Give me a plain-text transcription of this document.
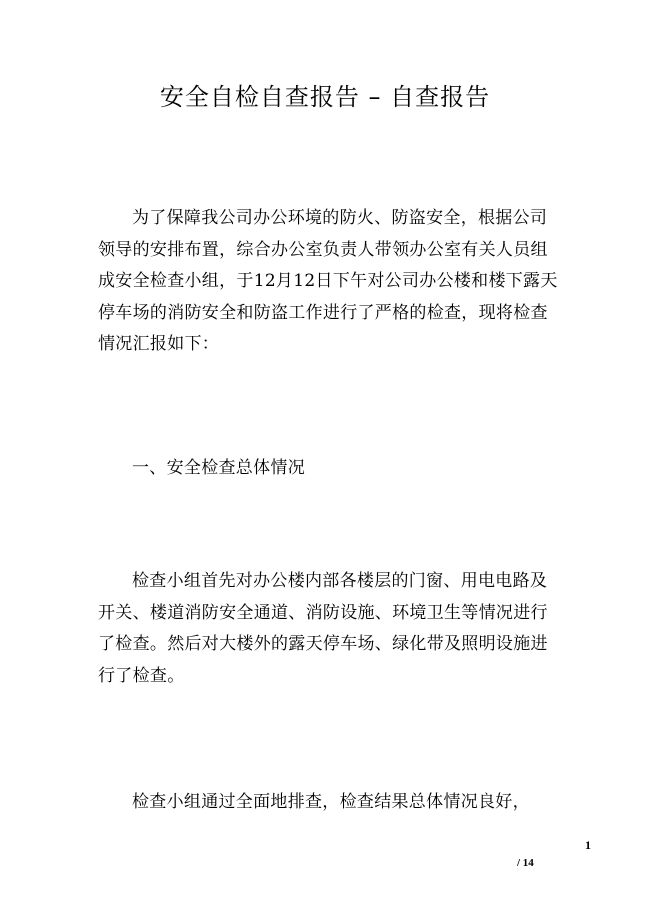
安全自检自查报告 – 自查报告

为了保障我公司办公环境的防火、防盗安全，根据公司领导的安排布置，综合办公室负责人带领办公室有关人员组成安全检查小组，于12月12日下午对公司办公楼和楼下露天停车场的消防安全和防盗工作进行了严格的检查，现将检查情况汇报如下：

一、安全检查总体情况

检查小组首先对办公楼内部各楼层的门窗、用电电路及开关、楼道消防安全通道、消防设施、环境卫生等情况进行了检查。然后对大楼外的露天停车场、绿化带及照明设施进行了检查。

检查小组通过全面地排查，检查结果总体情况良好，

1
/ 14
